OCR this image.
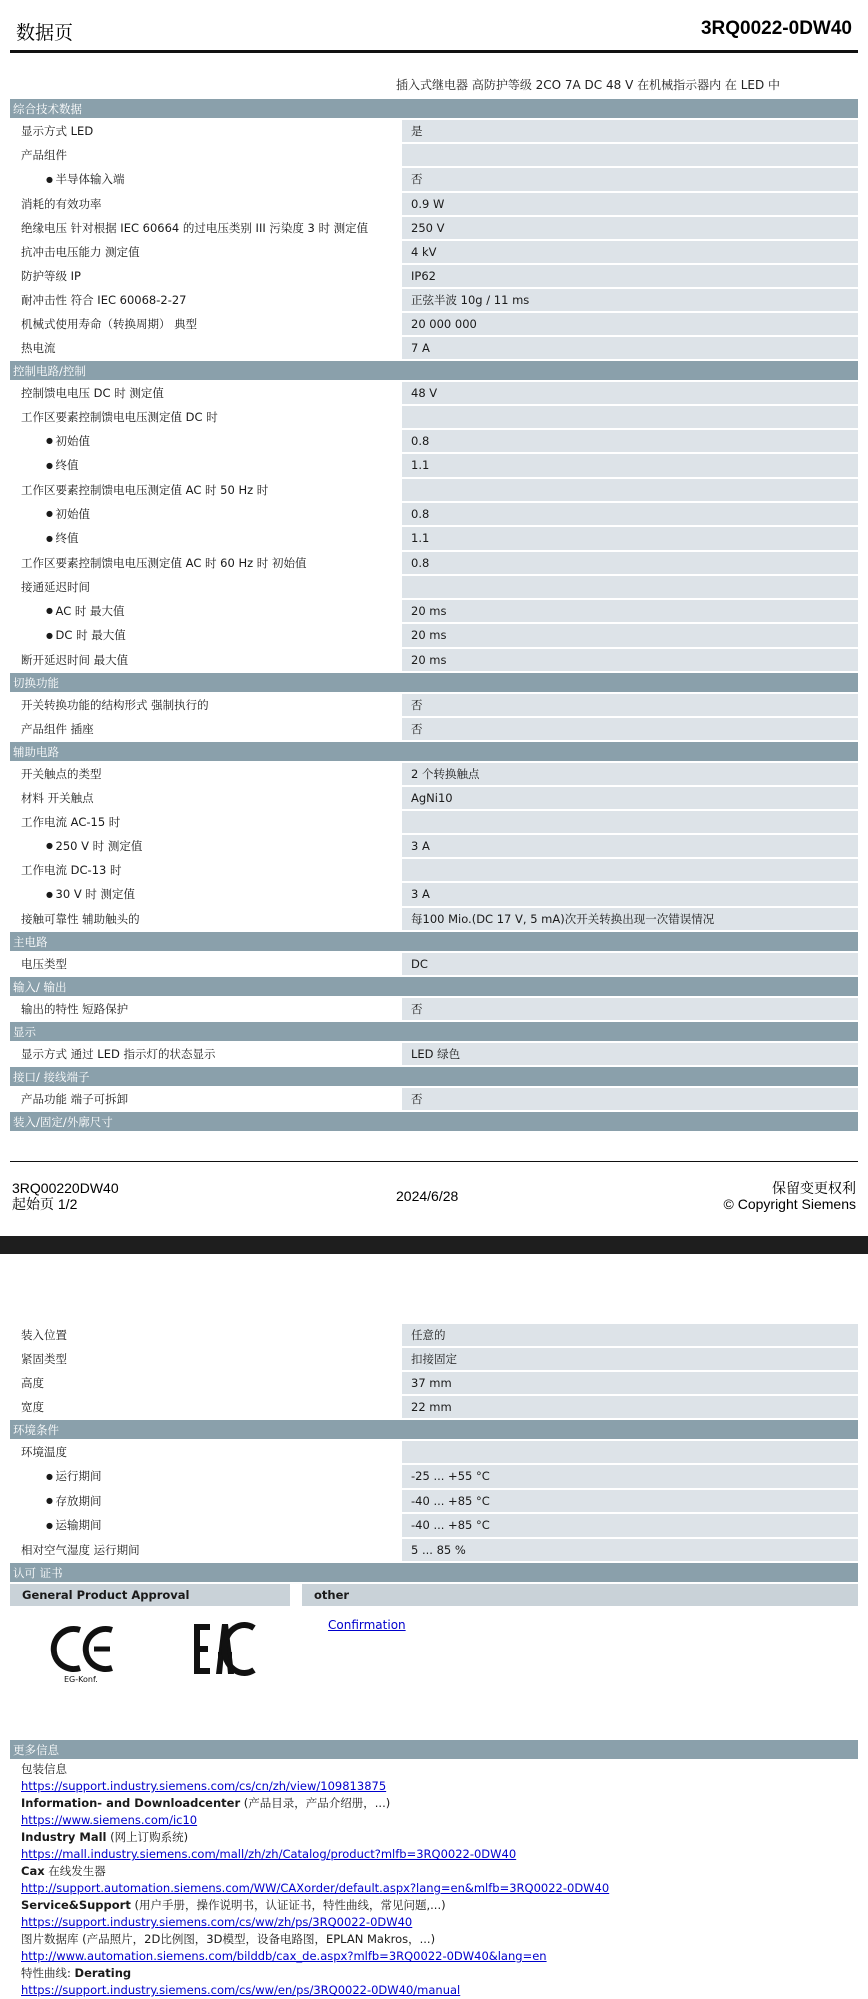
数据页	3RQ0022-0DW40
插入式继电器 高防护等级 2CO 7A DC 48 V 在机械指示器内 在 LED 中
综合技术数据
显示方式 LED	是
产品组件
● 半导体输入端	否
消耗的有效功率	0.9 W
绝缘电压 针对根据 IEC 60664 的过电压类别 III 污染度 3 时 测定值	250 V
抗冲击电压能力 测定值	4 kV
防护等级 IP	IP62
耐冲击性 符合 IEC 60068-2-27	正弦半波 10g / 11 ms
机械式使用寿命（转换周期） 典型	20 000 000
热电流	7 A
控制电路/控制
控制馈电电压 DC 时 测定值	48 V
工作区要素控制馈电电压测定值 DC 时
● 初始值	0.8
● 终值	1.1
工作区要素控制馈电电压测定值 AC 时 50 Hz 时
● 初始值	0.8
● 终值	1.1
工作区要素控制馈电电压测定值 AC 时 60 Hz 时 初始值	0.8
接通延迟时间
● AC 时 最大值	20 ms
● DC 时 最大值	20 ms
断开延迟时间 最大值	20 ms
切换功能
开关转换功能的结构形式 强制执行的	否
产品组件 插座	否
辅助电路
开关触点的类型	2 个转换触点
材料 开关触点	AgNi10
工作电流 AC-15 时
● 250 V 时 测定值	3 A
工作电流 DC-13 时
● 30 V 时 测定值	3 A
接触可靠性 辅助触头的	每100 Mio.(DC 17 V, 5 mA)次开关转换出现一次错误情况
主电路
电压类型	DC
输入/ 输出
输出的特性 短路保护	否
显示
显示方式 通过 LED 指示灯的状态显示	LED 绿色
接口/ 接线端子
产品功能 端子可拆卸	否
装入/固定/外廓尺寸
3RQ00220DW40
起始页 1/2	2024/6/28	保留变更权利
© Copyright Siemens
装入位置	任意的
紧固类型	扣接固定
高度	37 mm
宽度	22 mm
环境条件
环境温度
● 运行期间	-25 ... +55 °C
● 存放期间	-40 ... +85 °C
● 运输期间	-40 ... +85 °C
相对空气湿度 运行期间	5 ... 85 %
认可 证书
General Product Approval	other
EG-Konf.
Confirmation
更多信息
包装信息
https://support.industry.siemens.com/cs/cn/zh/view/109813875
Information- and Downloadcenter (产品目录，产品介绍册，...)
https://www.siemens.com/ic10
Industry Mall (网上订购系统)
https://mall.industry.siemens.com/mall/zh/zh/Catalog/product?mlfb=3RQ0022-0DW40
Cax 在线发生器
http://support.automation.siemens.com/WW/CAXorder/default.aspx?lang=en&mlfb=3RQ0022-0DW40
Service&Support (用户手册，操作说明书，认证证书，特性曲线，常见问题,...)
https://support.industry.siemens.com/cs/ww/zh/ps/3RQ0022-0DW40
图片数据库 (产品照片，2D比例图，3D模型，设备电路图，EPLAN Makros，...)
http://www.automation.siemens.com/bilddb/cax_de.aspx?mlfb=3RQ0022-0DW40&lang=en
特性曲线: Derating
https://support.industry.siemens.com/cs/ww/en/ps/3RQ0022-0DW40/manual
